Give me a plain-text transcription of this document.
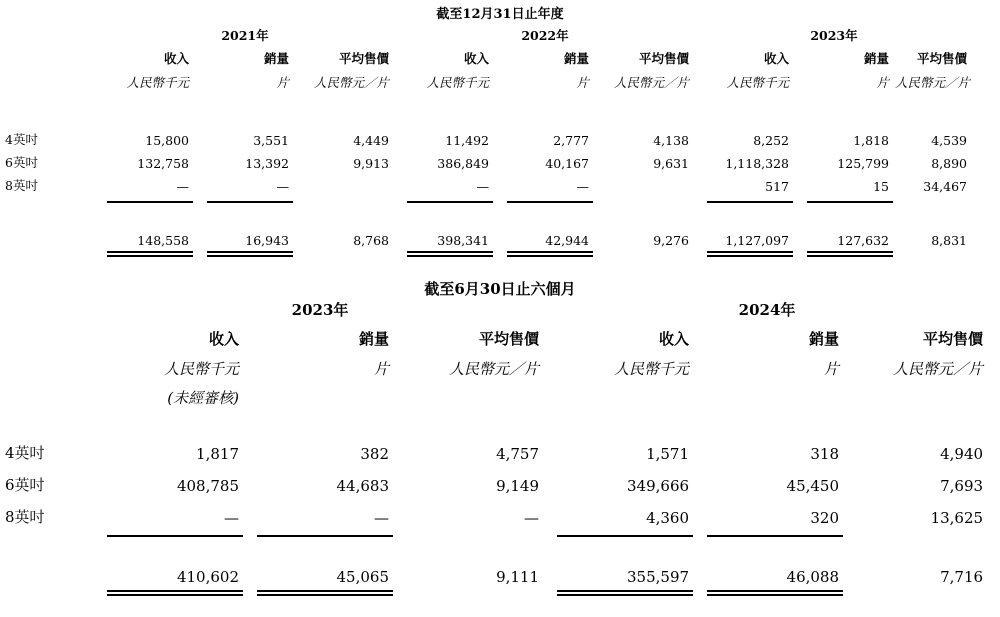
截至12月31日止年度
	2021年			2022年			2023年		
	收入	銷量	平均售價	收入	銷量	平均售價	收入	銷量	平均售價
	人民幣千元	片	人民幣元／片	人民幣千元	片	人民幣元／片	人民幣千元	片	人民幣元／片

4英吋	15,800	3,551	4,449	11,492	2,777	4,138	8,252	1,818	4,539
6英吋	132,758	13,392	9,913	386,849	40,167	9,631	1,118,328	125,799	8,890
8英吋	—	—		—	—		517	15	34,467

	148,558	16,943	8,768	398,341	42,944	9,276	1,127,097	127,632	8,831
截至6月30日止六個月
	2023年			2024年		
	收入	銷量	平均售價	收入	銷量	平均售價
	人民幣千元	片	人民幣元／片	人民幣千元	片	人民幣元／片
	(未經審核)					

4英吋	1,817	382	4,757	1,571	318	4,940
6英吋	408,785	44,683	9,149	349,666	45,450	7,693
8英吋	—	—	—	4,360	320	13,625

	410,602	45,065	9,111	355,597	46,088	7,716
